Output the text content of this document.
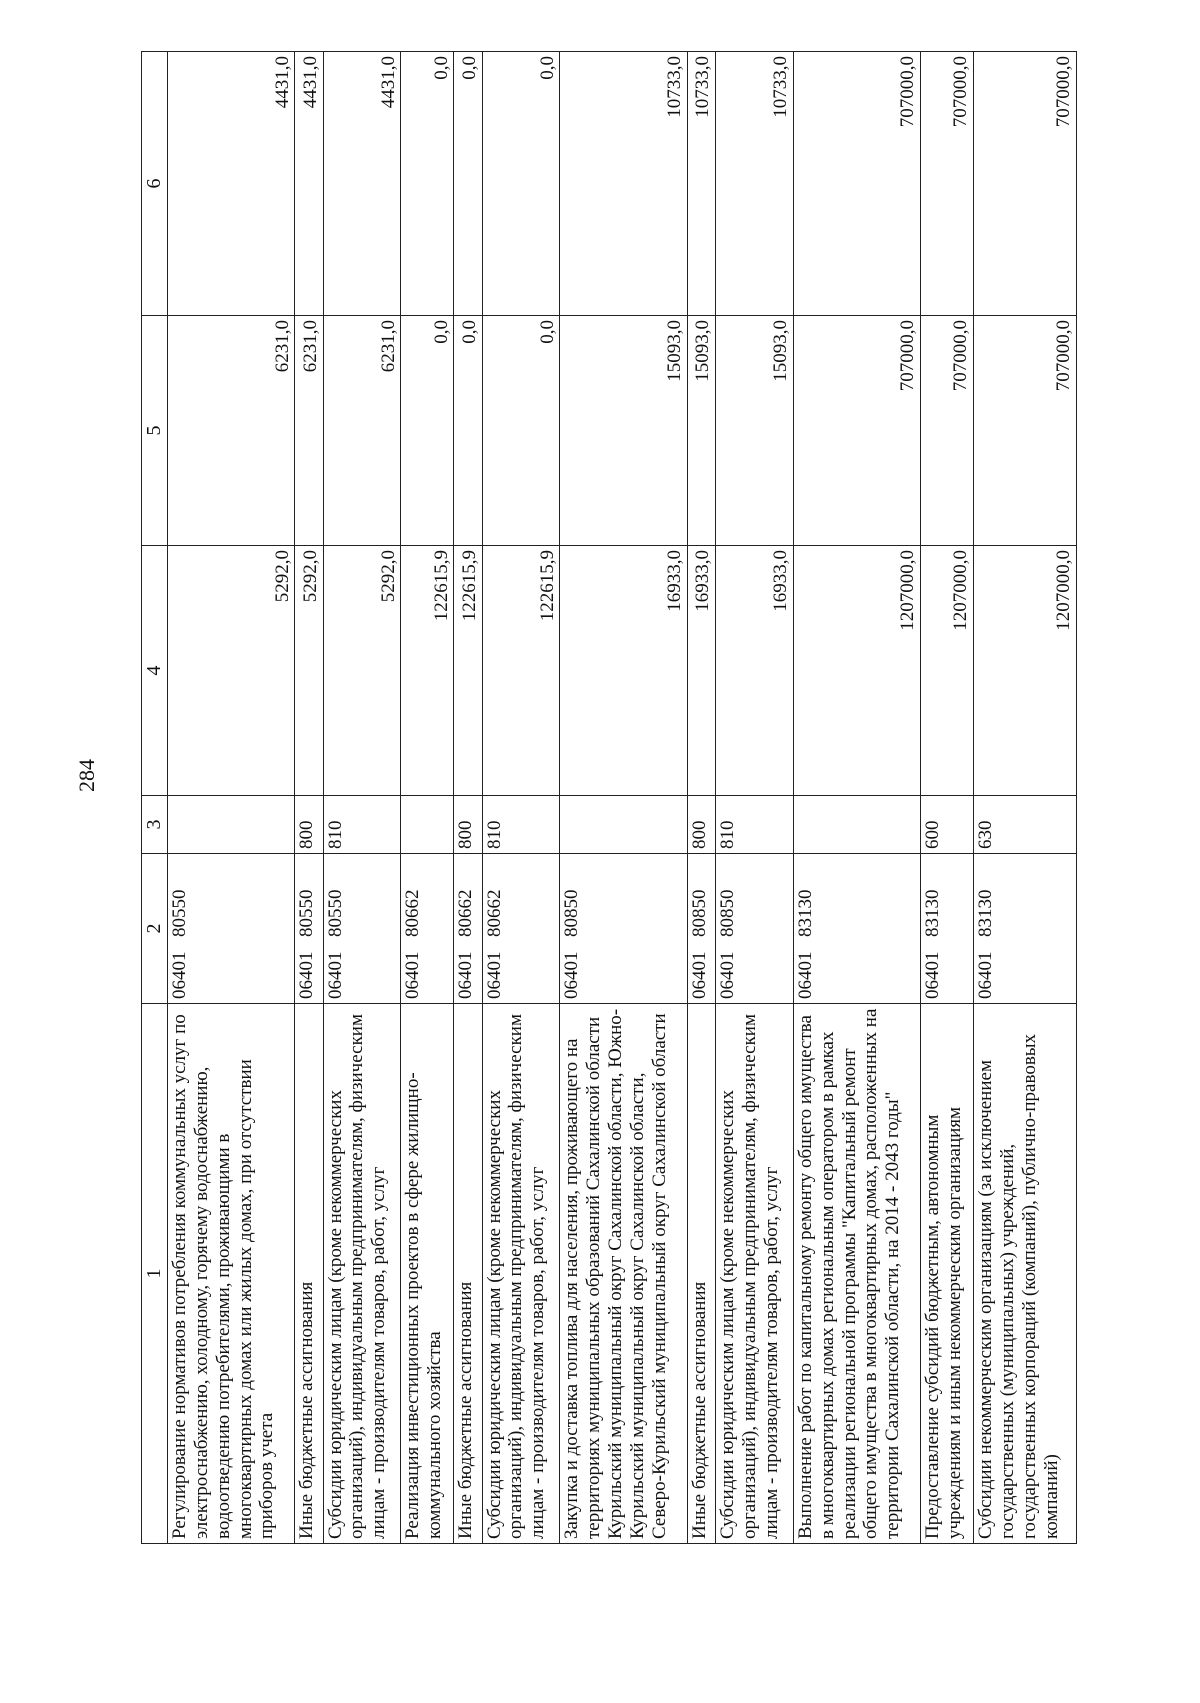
284
1	2	3	4	5	6
Регулирование нормативов потребления коммунальных услуг по электроснабжению, холодному, горячему водоснабжению, водоотведению потребителями, проживающими в многоквартирных домах или жилых домах, при отсутствии приборов учета	0640180550		5292,0	6231,0	4431,0
Иные бюджетные ассигнования	0640180550	800	5292,0	6231,0	4431,0
Субсидии юридическим лицам (кроме некоммерческих организаций), индивидуальным предпринимателям, физическим лицам - производителям товаров, работ, услуг	0640180550	810	5292,0	6231,0	4431,0
Реализация инвестиционных проектов в сфере жилищно-коммунального хозяйства	0640180662		122615,9	0,0	0,0
Иные бюджетные ассигнования	0640180662	800	122615,9	0,0	0,0
Субсидии юридическим лицам (кроме некоммерческих организаций), индивидуальным предпринимателям, физическим лицам - производителям товаров, работ, услуг	0640180662	810	122615,9	0,0	0,0
Закупка и доставка топлива для населения, проживающего на территориях муниципальных образований Сахалинской области Курильский муниципальный округ Сахалинской области, Южно-Курильский муниципальный округ Сахалинской области, Северо-Курильский муниципальный округ Сахалинской области	0640180850		16933,0	15093,0	10733,0
Иные бюджетные ассигнования	0640180850	800	16933,0	15093,0	10733,0
Субсидии юридическим лицам (кроме некоммерческих организаций), индивидуальным предпринимателям, физическим лицам - производителям товаров, работ, услуг	0640180850	810	16933,0	15093,0	10733,0
Выполнение работ по капитальному ремонту общего имущества в многоквартирных домах региональным оператором в рамках реализации региональной программы "Капитальный ремонт общего имущества в многоквартирных домах, расположенных на территории Сахалинской области, на 2014 - 2043 годы"	0640183130		1207000,0	707000,0	707000,0
Предоставление субсидий бюджетным, автономным учреждениям и иным некоммерческим организациям	0640183130	600	1207000,0	707000,0	707000,0
Субсидии некоммерческим организациям (за исключением государственных (муниципальных) учреждений, государственных корпораций (компаний), публично-правовых компаний)	0640183130	630	1207000,0	707000,0	707000,0
